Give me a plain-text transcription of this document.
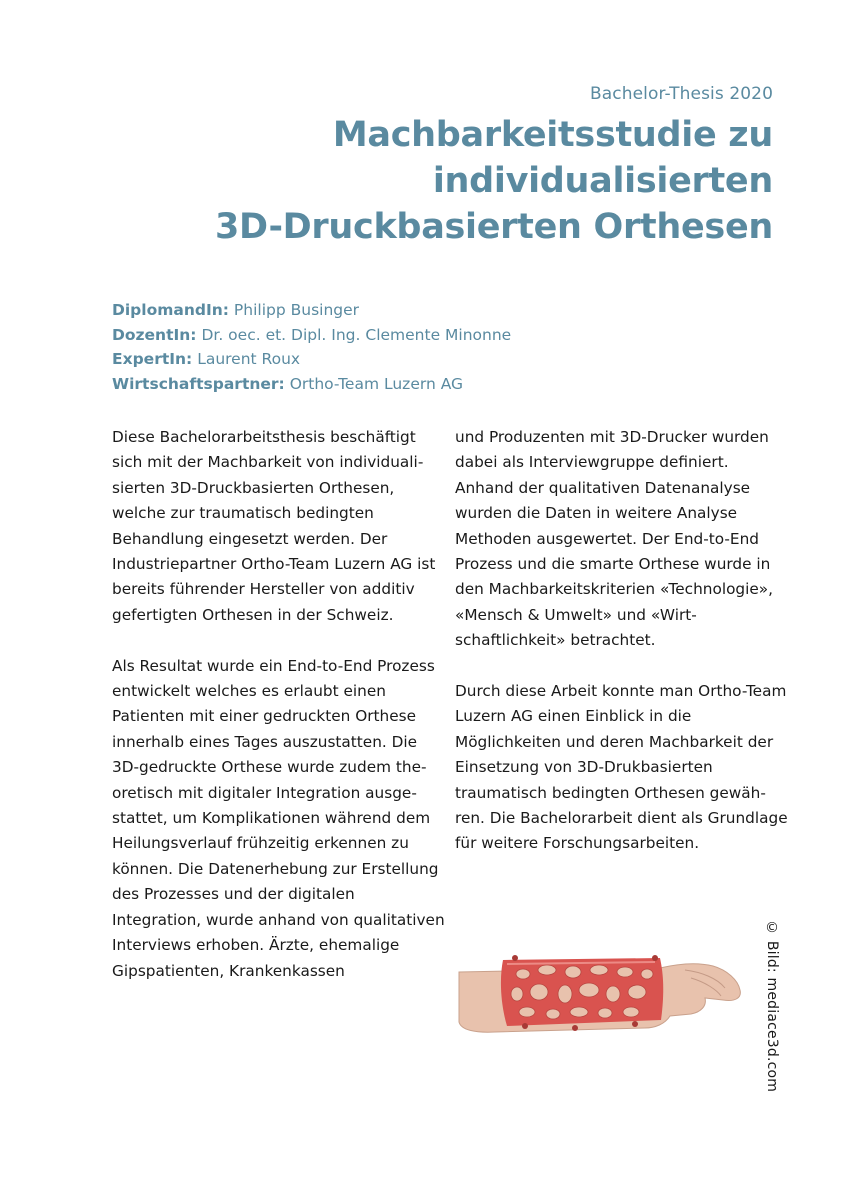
Bachelor-Thesis 2020
Machbarkeitsstudie zu individualisierten
3D-Druckbasierten Orthesen
DiplomandIn: Philipp Businger
DozentIn: Dr. oec. et. Dipl. Ing. Clemente Minonne
ExpertIn: Laurent Roux
Wirtschaftspartner: Ortho-Team Luzern AG

Diese Bachelorarbeitsthesis beschäftigt sich mit der Machbarkeit von individualisierten 3D-Druckbasierten Orthesen, welche zur traumatisch bedingten Behandlung eingesetzt werden. Der Industriepartner Ortho-Team Luzern AG ist bereits führender Hersteller von additiv gefertigten Orthesen in der Schweiz.

Als Resultat wurde ein End-to-End Prozess entwickelt welches es erlaubt einen Patienten mit einer gedruckten Orthese innerhalb eines Tages auszustatten. Die 3D-gedruckte Orthese wurde zudem theoretisch mit digitaler Integration ausgestattet, um Komplikationen während dem Heilungsverlauf frühzeitig erkennen zu können. Die Datenerhebung zur Erstellung des Prozesses und der digitalen Integration, wurde anhand von qualitativen Interviews erhoben. Ärzte, ehemalige Gipspatienten, Krankenkassen

und Produzenten mit 3D-Drucker wurden dabei als Interviewgruppe definiert. Anhand der qualitativen Datenanalyse wurden die Daten in weitere Analyse Methoden ausgewertet. Der End-to-End Prozess und die smarte Orthese wurde in den Machbarkeitskriterien «Technologie», «Mensch & Umwelt» und «Wirtschaftlichkeit» betrachtet.

Durch diese Arbeit konnte man Ortho-Team Luzern AG einen Einblick in die Möglichkeiten und deren Machbarkeit der Einsetzung von 3D-Drukbasierten traumatisch bedingten Orthesen gewähren. Die Bachelorarbeit dient als Grundlage für weitere Forschungsarbeiten.

© Bild: mediace3d.com
